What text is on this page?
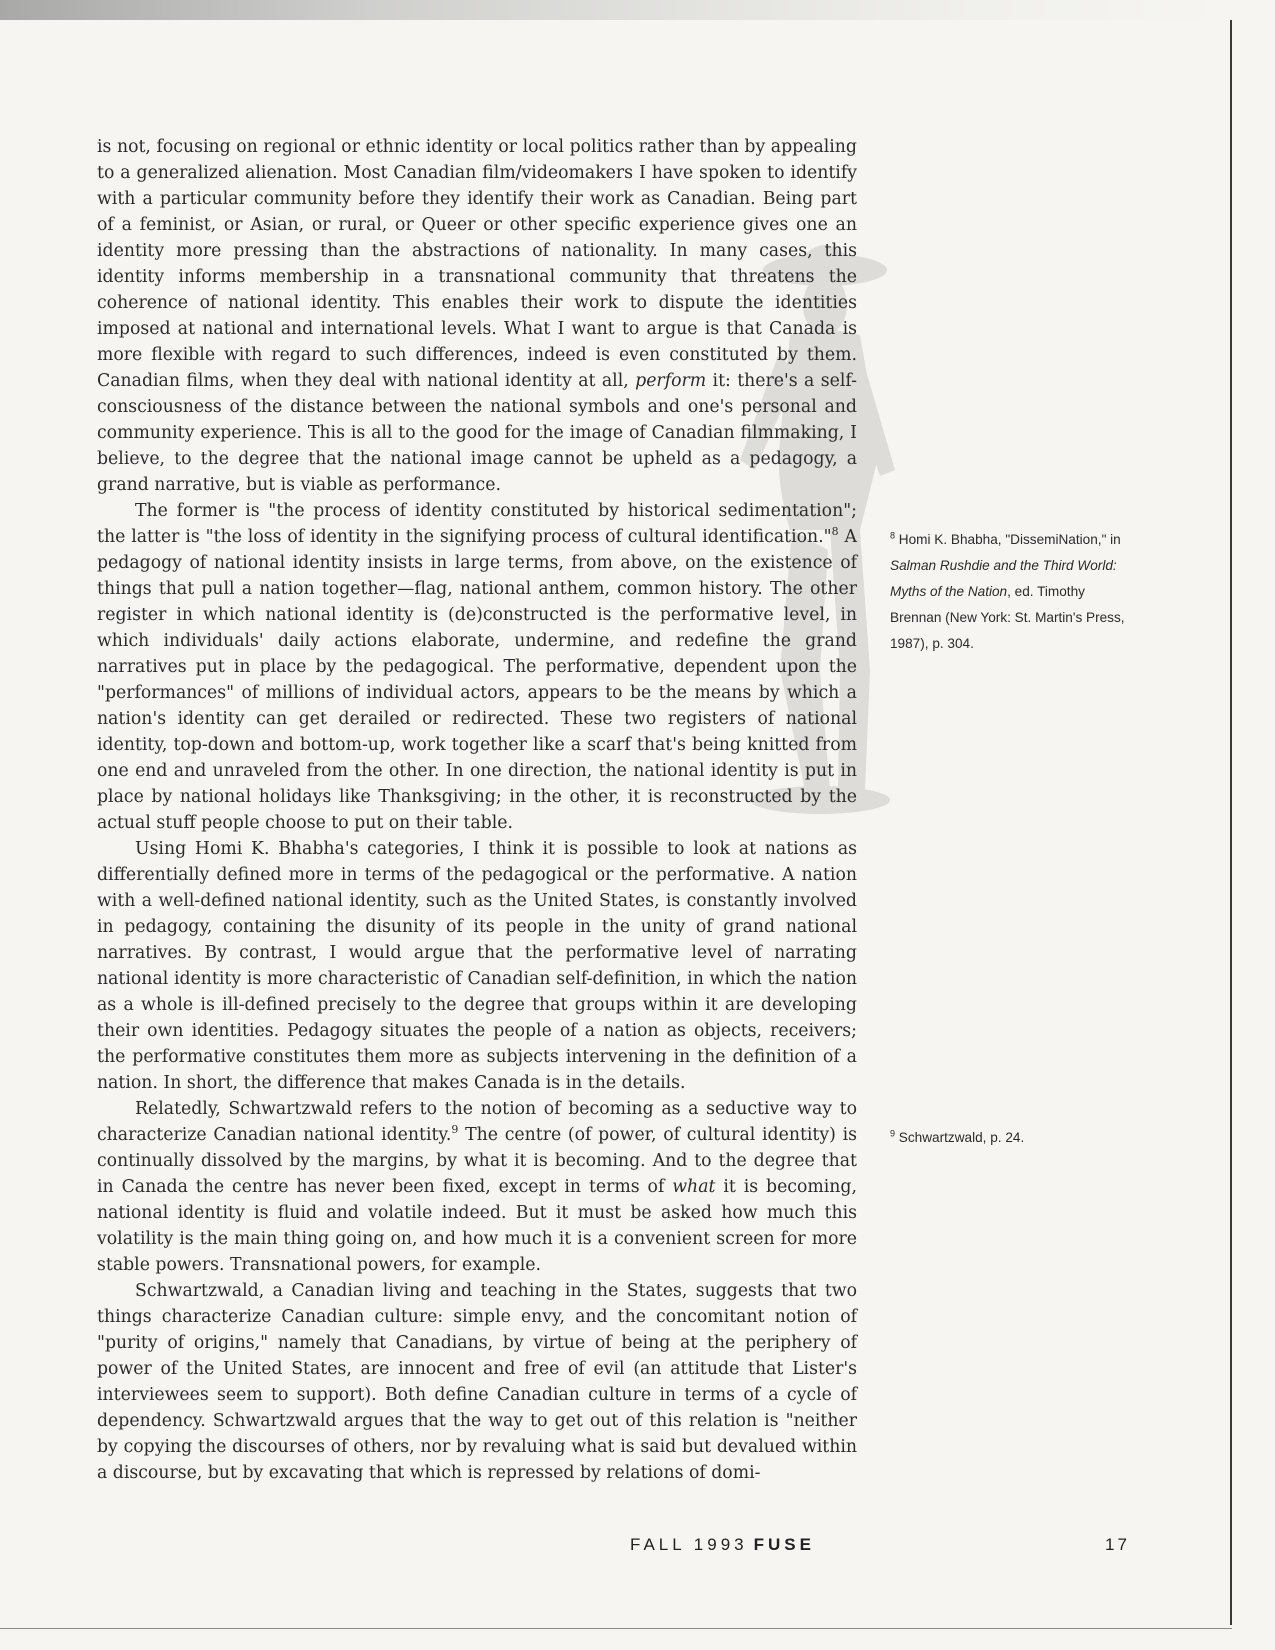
is not, focusing on regional or ethnic identity or local politics rather than by appealing to a generalized alienation. Most Canadian film/videomakers I have spoken to identify with a particular community before they identify their work as Canadian. Being part of a feminist, or Asian, or rural, or Queer or other specific experience gives one an identity more pressing than the abstractions of nationality. In many cases, this identity informs membership in a transnational community that threatens the coherence of national identity. This enables their work to dispute the identities imposed at national and international levels. What I want to argue is that Canada is more flexible with regard to such differences, indeed is even constituted by them. Canadian films, when they deal with national identity at all, perform it: there's a self-consciousness of the distance between the national symbols and one's personal and community experience. This is all to the good for the image of Canadian filmmaking, I believe, to the degree that the national image cannot be upheld as a pedagogy, a grand narrative, but is viable as performance.

The former is "the process of identity constituted by historical sedimentation"; the latter is "the loss of identity in the signifying process of cultural identification."$^8$ A pedagogy of national identity insists in large terms, from above, on the existence of things that pull a nation together—flag, national anthem, common history. The other register in which national identity is (de)constructed is the performative level, in which individuals' daily actions elaborate, undermine, and redefine the grand narratives put in place by the pedagogical. The performative, dependent upon the "performances" of millions of individual actors, appears to be the means by which a nation's identity can get derailed or redirected. These two registers of national identity, top-down and bottom-up, work together like a scarf that's being knitted from one end and unraveled from the other. In one direction, the national identity is put in place by national holidays like Thanksgiving; in the other, it is reconstructed by the actual stuff people choose to put on their table.

Using Homi K. Bhabha's categories, I think it is possible to look at nations as differentially defined more in terms of the pedagogical or the performative. A nation with a well-defined national identity, such as the United States, is constantly involved in pedagogy, containing the disunity of its people in the unity of grand national narratives. By contrast, I would argue that the performative level of narrating national identity is more characteristic of Canadian self-definition, in which the nation as a whole is ill-defined precisely to the degree that groups within it are developing their own identities. Pedagogy situates the people of a nation as objects, receivers; the performative constitutes them more as subjects intervening in the definition of a nation. In short, the difference that makes Canada is in the details.

Relatedly, Schwartzwald refers to the notion of becoming as a seductive way to characterize Canadian national identity.$^9$ The centre (of power, of cultural identity) is continually dissolved by the margins, by what it is becoming. And to the degree that in Canada the centre has never been fixed, except in terms of what it is becoming, national identity is fluid and volatile indeed. But it must be asked how much this volatility is the main thing going on, and how much it is a convenient screen for more stable powers. Transnational powers, for example.

Schwartzwald, a Canadian living and teaching in the States, suggests that two things characterize Canadian culture: simple envy, and the concomitant notion of "purity of origins," namely that Canadians, by virtue of being at the periphery of power of the United States, are innocent and free of evil (an attitude that Lister's interviewees seem to support). Both define Canadian culture in terms of a cycle of dependency. Schwartzwald argues that the way to get out of this relation is "neither by copying the discourses of others, nor by revaluing what is said but devalued within a discourse, but by excavating that which is repressed by relations of domi-

$^8$ Homi K. Bhabha, "DissemiNation," in Salman Rushdie and the Third World: Myths of the Nation, ed. Timothy Brennan (New York: St. Martin's Press, 1987), p. 304.
$^9$ Schwartzwald, p. 24.
FALL 1993 FUSE	17
